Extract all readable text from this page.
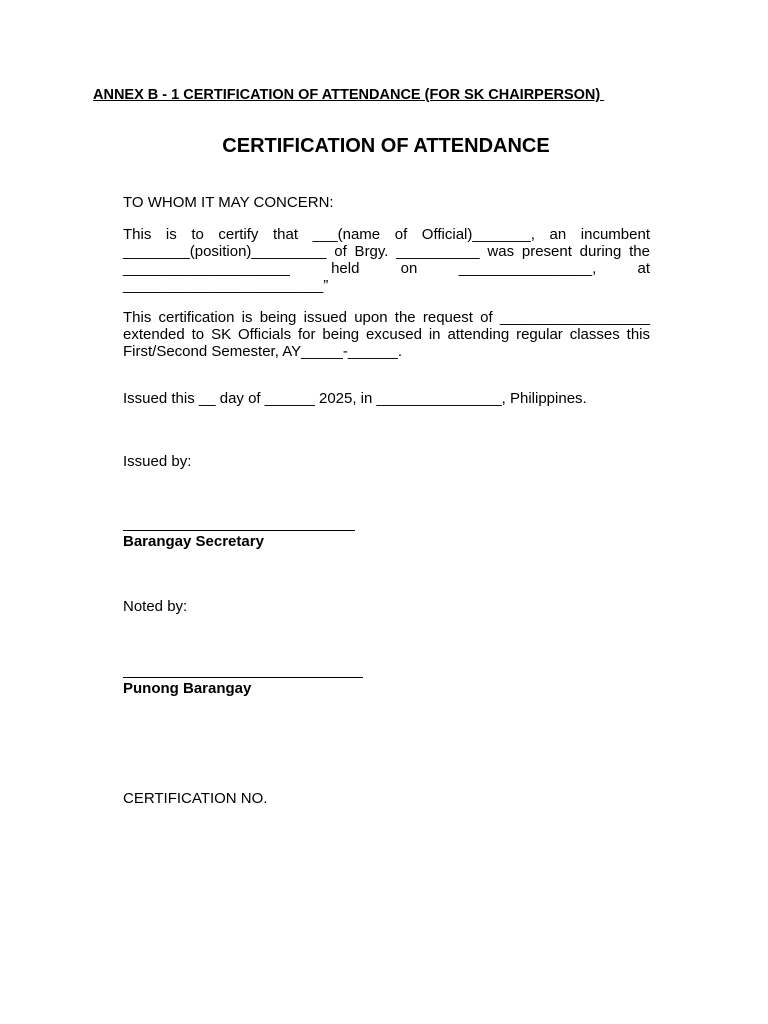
ANNEX B - 1 CERTIFICATION OF ATTENDANCE (FOR SK CHAIRPERSON)
CERTIFICATION OF ATTENDANCE
TO WHOM IT MAY CONCERN:
This is to certify that ___(name of Official)_______, an incumbent
________(position)_________ of Brgy. __________ was present during the
____________________ held on ________________, at
________________________”
This certification is being issued upon the request of __________________
extended to SK Officials for being excused in attending regular classes this
First/Second Semester, AY_____-______.
Issued this __ day of ______ 2025, in _______________, Philippines.
Issued by:
Barangay Secretary
Noted by:
Punong Barangay
CERTIFICATION NO.
